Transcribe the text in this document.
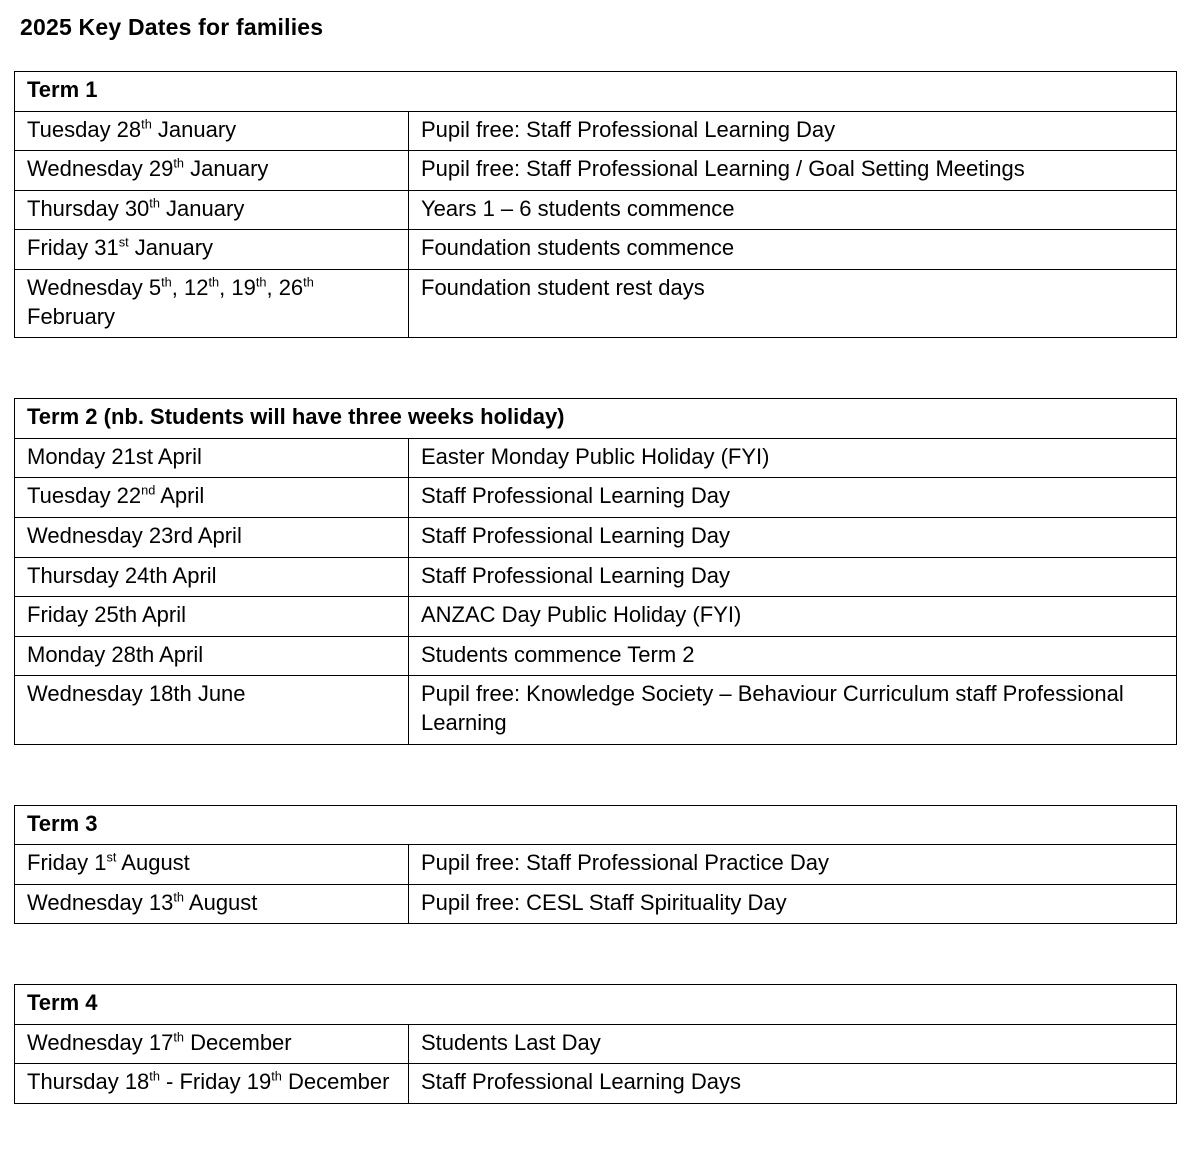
2025 Key Dates for families
Term 1	
Tuesday 28th January	Pupil free: Staff Professional Learning Day
Wednesday 29th January	Pupil free: Staff Professional Learning / Goal Setting Meetings
Thursday 30th January	Years 1 – 6 students commence
Friday 31st January	Foundation students commence
Wednesday 5th, 12th, 19th, 26th February	Foundation student rest days
Term 2 (nb. Students will have three weeks holiday)	
Monday 21st April	Easter Monday Public Holiday (FYI)
Tuesday 22nd April	Staff Professional Learning Day
Wednesday 23rd April	Staff Professional Learning Day
Thursday 24th April	Staff Professional Learning Day
Friday 25th April	ANZAC Day Public Holiday (FYI)
Monday 28th April	Students commence Term 2
Wednesday 18th June	Pupil free: Knowledge Society – Behaviour Curriculum staff Professional Learning
Term 3	
Friday 1st August	Pupil free: Staff Professional Practice Day
Wednesday 13th August	Pupil free: CESL Staff Spirituality Day
Term 4	
Wednesday 17th December	Students Last Day
Thursday 18th - Friday 19th December	Staff Professional Learning Days
